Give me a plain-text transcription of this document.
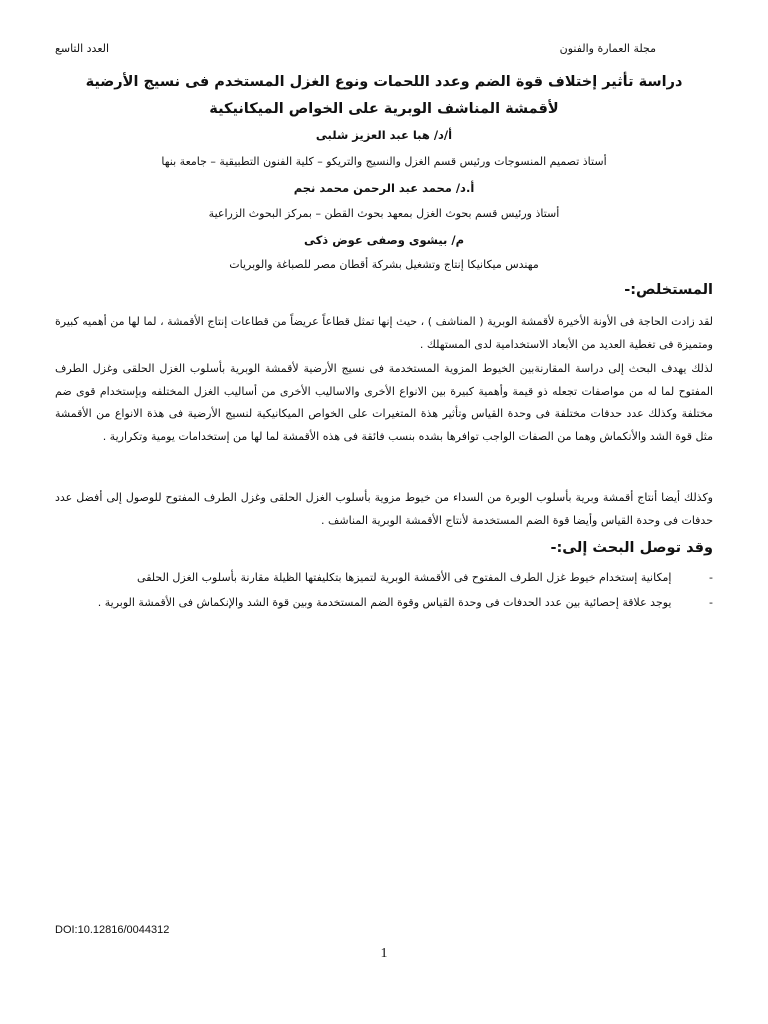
مجلة العمارة والفنون
العدد التاسع
دراسة تأثير إختلاف قوة الضم وعدد اللحمات ونوع الغزل المستخدم فى نسيج الأرضية
لأقمشة المناشف الوبرية على الخواص الميكانيكية
أ/د/ هبا عبد العزيز شلبى
أستاذ تصميم المنسوجات ورئيس قسم الغزل والنسيج والتريكو – كلية الفنون التطبيقية – جامعة بنها
أ.د/ محمد عبد الرحمن محمد نجم
أستاذ ورئيس قسم بحوث الغزل بمعهد بحوث القطن – بمركز البحوث الزراعية
م/ بيشوى وصفى عوض ذكى
مهندس ميكانيكا إنتاج وتشغيل بشركة أقطان مصر للصباغة والوبريات
المستخلص:-

لقد زادت الحاجة فى الأونة الأخيرة لأقمشة الوبرية ( المناشف ) ، حيث إنها تمثل قطاعاً عريضاً من قطاعات إنتاج الأقمشة ، لما لها من أهميه كبيرة ومتميزة فى تغطية العديد من الأبعاد الاستخدامية لدى المستهلك .

لذلك يهدف البحث إلى دراسة المقارنةبين الخيوط المزوية المستخدمة فى نسيج الأرضية لأقمشة الوبرية بأسلوب الغزل الحلقى وغزل الطرف المفتوح لما له من مواصفات تجعله ذو قيمة وأهمية كبيرة بين الانواع الأخرى والاساليب الأخرى من أساليب الغزل المختلفه وبإستخدام قوى ضم مختلفة وكذلك عدد حدفات مختلفة فى وحدة القياس وتأثير هذة المتغيرات على الخواص الميكانيكية لنسيج الأرضية فى هذة الانواع من الأقمشة مثل قوة الشد والأنكماش وهما من الصفات الواجب توافرها بشده بنسب فائقة فى هذه الأقمشة لما لها من إستخدامات يومية وتكرارية .

وكذلك أيضا أنتاج أقمشة وبرية بأسلوب الوبرة من السداء من خيوط مزوية بأسلوب الغزل الحلقى وغزل الطرف المفتوح للوصول إلى أفضل عدد حدفات فى وحدة القياس وأيضا قوة الضم المستخدمة لأنتاج الأقمشة الوبرية المناشف .

وقد توصل البحث إلى:-
- إمكانية إستخدام خيوط غزل الطرف المفتوح فى الأقمشة الوبرية لتميزها بتكليفتها الظيلة مقارنة بأسلوب الغزل الحلقى
- يوجد علاقة إحصائية بين عدد الحدفات فى وحدة القياس وقوة الضم المستخدمة وبين قوة الشد والإنكماش فى الأقمشة الوبرية .
DOI:10.12816/0044312
1
